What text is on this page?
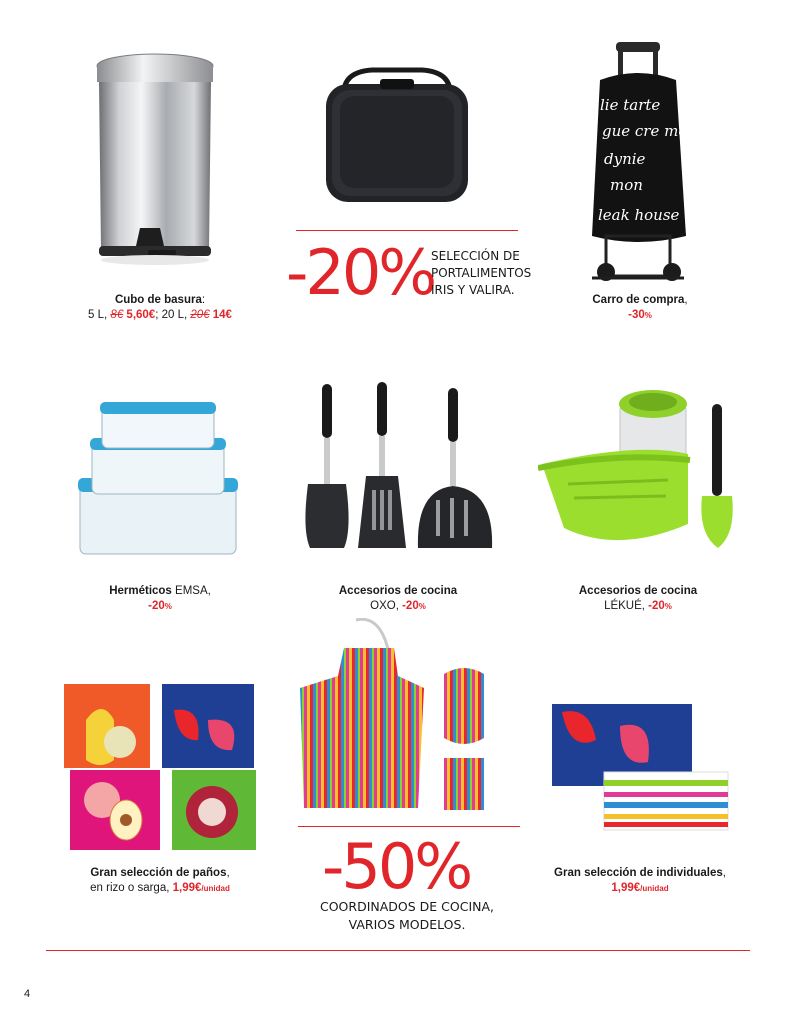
Cubo de basura:
5 L, 8€ 5,60€; 20 L, 20€ 14€
-20%
SELECCIÓN DE
PORTALIMENTOS
IRIS Y VALIRA.
lie tarte
gue cre me
dynie
mon
leak house
Carro de compra,
-30%
Herméticos EMSA,
-20%
Accesorios de cocina
OXO, -20%
Accesorios de cocina
LÉKUÉ, -20%
Gran selección de paños,
en rizo o sarga, 1,99€/unidad	-50%
COORDINADOS DE COCINA,
VARIOS MODELOS.
Gran selección de individuales,
1,99€/unidad
4
